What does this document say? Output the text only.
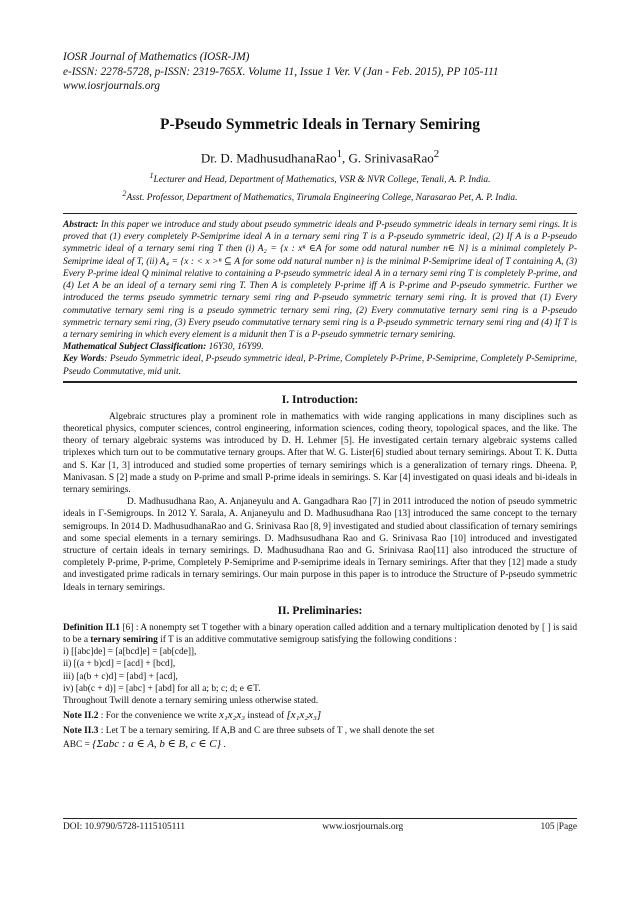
IOSR Journal of Mathematics (IOSR-JM)
e-ISSN: 2278-5728, p-ISSN: 2319-765X. Volume 11, Issue 1 Ver. V (Jan - Feb. 2015), PP 105-111
www.iosrjournals.org
P-Pseudo Symmetric Ideals in Ternary Semiring
Dr. D. MadhusudhanaRao$^1$, G. SrinivasaRao$^2$
$^1$Lecturer and Head, Department of Mathematics, VSR & NVR College, Tenali, A. P. India.
$^2$Asst. Professor, Department of Mathematics, Tirumala Engineering College, Narasarao Pet, A. P. India.
Abstract: In this paper we introduce and study about pseudo symmetric ideals and P-pseudo symmetric ideals in ternary semi rings. It is proved that (1) every completely P-Semiprime ideal A in a ternary semi ring T is a P-pseudo symmetric ideal, (2) If A is a P-pseudo symmetric ideal of a ternary semi ring T then (i) A₂ = {x : xⁿ ∈A for some odd natural number n∈ N} is a minimal completely P-Semiprime ideal of T, (ii) A₄ = {x : < x >ⁿ ⊆ A for some odd natural number n} is the minimal P-Semiprime ideal of T containing A, (3) Every P-prime ideal Q minimal relative to containing a P-pseudo symmetric ideal A in a ternary semi ring T is completely P-prime, and (4) Let A be an ideal of a ternary semi ring T. Then A is completely P-prime iff A is P-prime and P-pseudo symmetric. Further we introduced the terms pseudo symmetric ternary semi ring and P-pseudo symmetric ternary semi ring. It is proved that (1) Every commutative ternary semi ring is a pseudo symmetric ternary semi ring, (2) Every commutative ternary semi ring is a P-pseudo symmetric ternary semi ring, (3) Every pseudo commutative ternary semi ring is a P-pseudo symmetric ternary semi ring and (4) If T is a ternary semiring in which every element is a midunit then T is a P-pseudo symmetric ternary semiring.
Mathematical Subject Classification: 16Y30, 16Y99.
Key Words: Pseudo Symmetric ideal, P-pseudo symmetric ideal, P-Prime, Completely P-Prime, P-Semiprime, Completely P-Semiprime, Pseudo Commutative, mid unit.
I. Introduction:

Algebraic structures play a prominent role in mathematics with wide ranging applications in many disciplines such as theoretical physics, computer sciences, control engineering, information sciences, coding theory, topological spaces, and the like. The theory of ternary algebraic systems was introduced by D. H. Lehmer [5]. He investigated certain ternary algebraic systems called triplexes which turn out to be commutative ternary groups. After that W. G. Lister[6] studied about ternary semirings. About T. K. Dutta and S. Kar [1, 3] introduced and studied some properties of ternary semirings which is a generalization of ternary rings. Dheena. P, Manivasan. S [2] made a study on P-prime and small P-prime ideals in semirings. S. Kar [4] investigated on quasi ideals and bi-ideals in ternary semirings.

D. Madhusudhana Rao, A. Anjaneyulu and A. Gangadhara Rao [7] in 2011 introduced the notion of pseudo symmetric ideals in Γ-Semigroups. In 2012 Y. Sarala, A. Anjaneyulu and D. Madhusudhana Rao [13] introduced the same concept to the ternary semigroups. In 2014 D. MadhusudhanaRao and G. Srinivasa Rao [8, 9] investigated and studied about classification of ternary semirings and some special elements in a ternary semirings. D. Madhsusudhana Rao and G. Srinivasa Rao [10] introduced and investigated structure of certain ideals in ternary semirings. D. Madhusudhana Rao and G. Srinivasa Rao[11] also introduced the structure of completely P-prime, P-prime, Completely P-Semiprime and P-semiprime ideals in Ternary semirings. After that they [12] made a study and investigated prime radicals in ternary semirings. Our main purpose in this paper is to introduce the Structure of P-pseudo symmetric Ideals in ternary semirings.

II. Preliminaries:

Definition II.1 [6] : A nonempty set T together with a binary operation called addition and a ternary multiplication denoted by [ ] is said to be a ternary semiring if T is an additive commutative semigroup satisfying the following conditions :

i) [[abc]de] = [a[bcd]e] = [ab[cde]],
ii) [(a + b)cd] = [acd] + [bcd],
iii) [a(b + c)d] = [abd] + [acd],
iv) [ab(c + d)] = [abc] + [abd] for all a; b; c; d; e ∈T.

Throughout Twill denote a ternary semiring unless otherwise stated.

Note II.2 : For the convenience we write x₁x₂x₃ instead of [x₁x₂x₃]

Note II.3 : Let T be a ternary semiring. If A,B and C are three subsets of T , we shall denote the set

ABC = {Σabc : a ∈ A, b ∈ B, c ∈ C} .

DOI: 10.9790/5728-1115105111	www.iosrjournals.org	105 |Page
